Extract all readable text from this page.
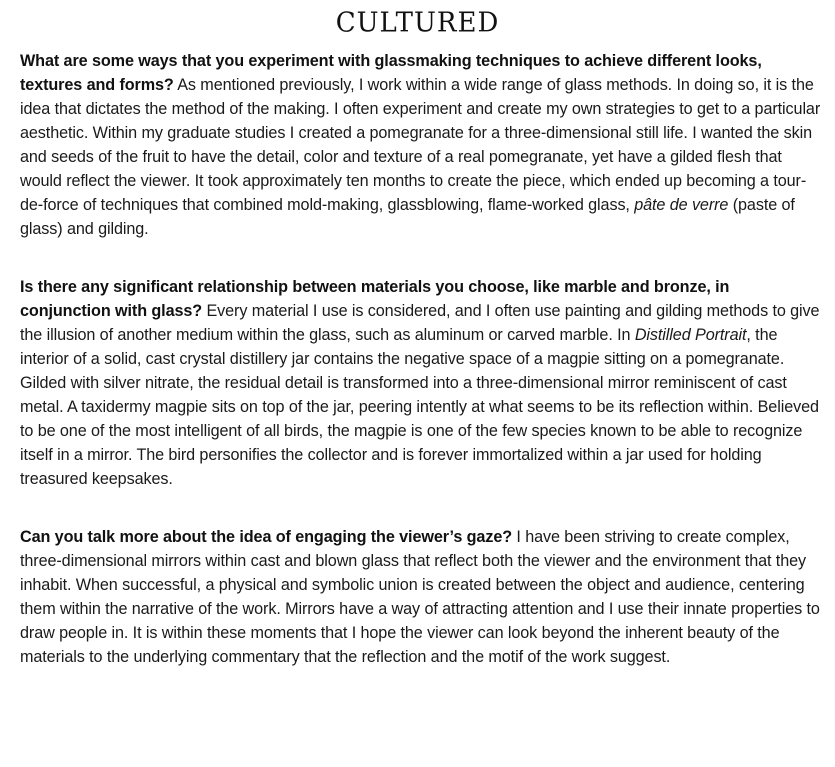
CULTURED

What are some ways that you experiment with glassmaking techniques to achieve different looks, textures and forms? As mentioned previously, I work within a wide range of glass methods. In doing so, it is the idea that dictates the method of the making. I often experiment and create my own strategies to get to a particular aesthetic. Within my graduate studies I created a pomegranate for a three-dimensional still life. I wanted the skin and seeds of the fruit to have the detail, color and texture of a real pomegranate, yet have a gilded flesh that would reflect the viewer. It took approximately ten months to create the piece, which ended up becoming a tour-de-force of techniques that combined mold-making, glassblowing, flame-worked glass, pâte de verre (paste of glass) and gilding.

Is there any significant relationship between materials you choose, like marble and bronze, in conjunction with glass? Every material I use is considered, and I often use painting and gilding methods to give the illusion of another medium within the glass, such as aluminum or carved marble. In Distilled Portrait, the interior of a solid, cast crystal distillery jar contains the negative space of a magpie sitting on a pomegranate. Gilded with silver nitrate, the residual detail is transformed into a three-dimensional mirror reminiscent of cast metal. A taxidermy magpie sits on top of the jar, peering intently at what seems to be its reflection within. Believed to be one of the most intelligent of all birds, the magpie is one of the few species known to be able to recognize itself in a mirror. The bird personifies the collector and is forever immortalized within a jar used for holding treasured keepsakes.

Can you talk more about the idea of engaging the viewer’s gaze? I have been striving to create complex, three-dimensional mirrors within cast and blown glass that reflect both the viewer and the environment that they inhabit. When successful, a physical and symbolic union is created between the object and audience, centering them within the narrative of the work. Mirrors have a way of attracting attention and I use their innate properties to draw people in. It is within these moments that I hope the viewer can look beyond the inherent beauty of the materials to the underlying commentary that the reflection and the motif of the work suggest.
